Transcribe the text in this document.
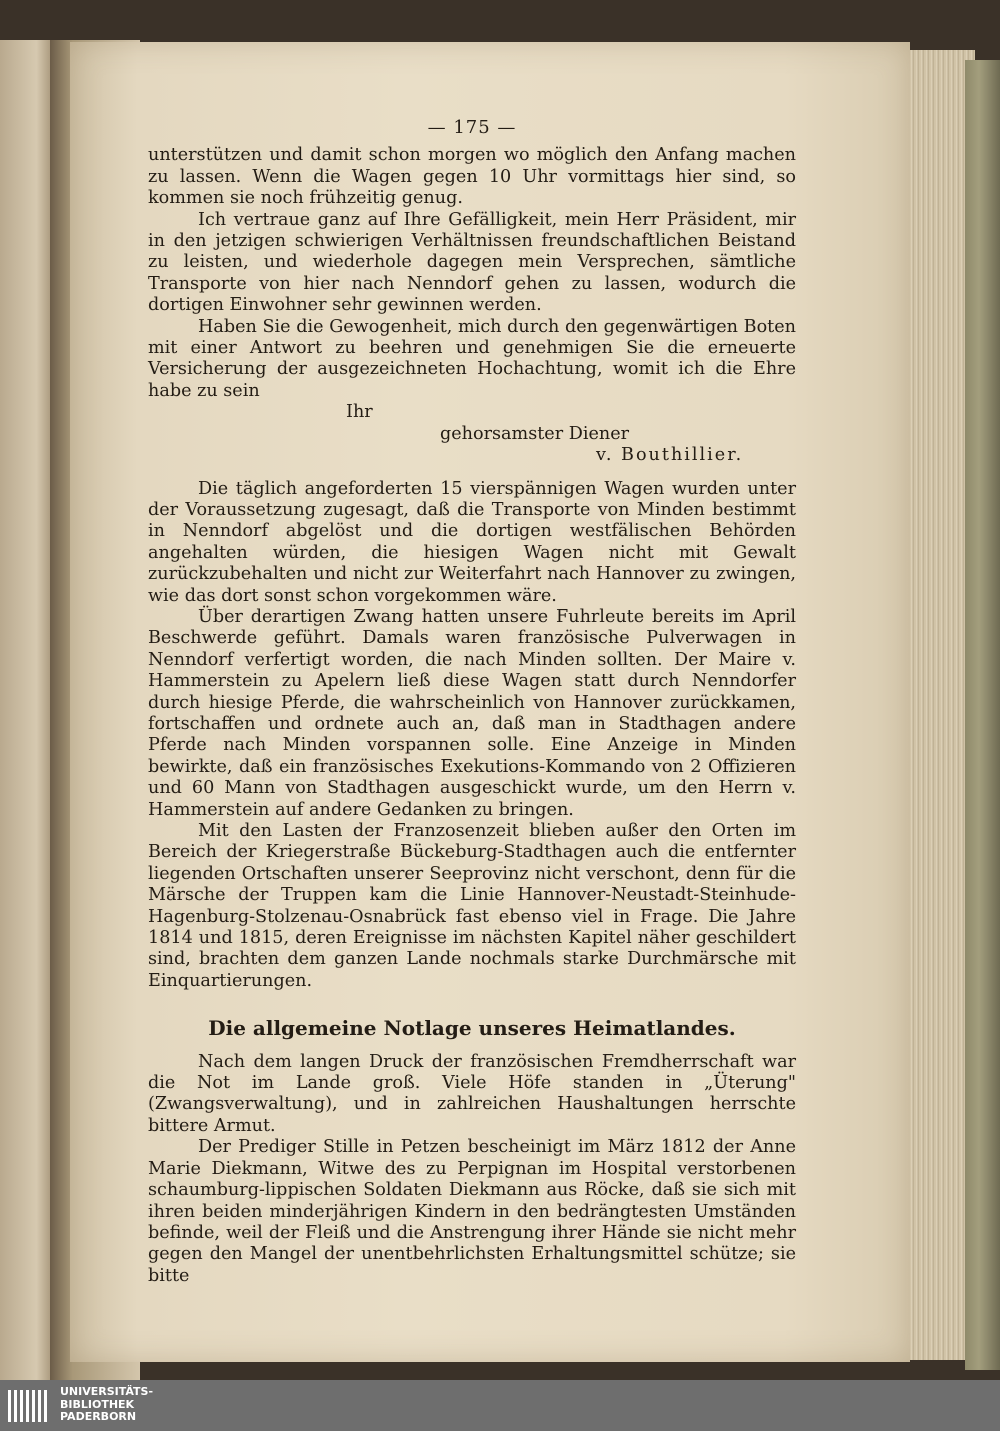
— 175 —

unterstützen und damit schon morgen wo möglich den Anfang machen zu lassen. Wenn die Wagen gegen 10 Uhr vormittags hier sind, so kommen sie noch frühzeitig genug.

Ich vertraue ganz auf Ihre Gefälligkeit, mein Herr Präsident, mir in den jetzigen schwierigen Verhältnissen freundschaftlichen Beistand zu leisten, und wiederhole dagegen mein Versprechen, sämtliche Transporte von hier nach Nenndorf gehen zu lassen, wodurch die dortigen Einwohner sehr gewinnen werden.

Haben Sie die Gewogenheit, mich durch den gegenwärtigen Boten mit einer Antwort zu beehren und genehmigen Sie die erneuerte Versicherung der ausgezeichneten Hochachtung, womit ich die Ehre habe zu sein

Ihr

gehorsamster Diener

v. Bouthillier.

Die täglich angeforderten 15 vierspännigen Wagen wurden unter der Voraussetzung zugesagt, daß die Transporte von Minden bestimmt in Nenndorf abgelöst und die dortigen westfälischen Behörden angehalten würden, die hiesigen Wagen nicht mit Gewalt zurückzubehalten und nicht zur Weiterfahrt nach Hannover zu zwingen, wie das dort sonst schon vorgekommen wäre.

Über derartigen Zwang hatten unsere Fuhrleute bereits im April Beschwerde geführt. Damals waren französische Pulverwagen in Nenndorf verfertigt worden, die nach Minden sollten. Der Maire v. Hammerstein zu Apelern ließ diese Wagen statt durch Nenndorfer durch hiesige Pferde, die wahrscheinlich von Hannover zurückkamen, fortschaffen und ordnete auch an, daß man in Stadthagen andere Pferde nach Minden vorspannen solle. Eine Anzeige in Minden bewirkte, daß ein französisches Exekutions-Kommando von 2 Offizieren und 60 Mann von Stadthagen ausgeschickt wurde, um den Herrn v. Hammerstein auf andere Gedanken zu bringen.

Mit den Lasten der Franzosenzeit blieben außer den Orten im Bereich der Kriegerstraße Bückeburg-Stadthagen auch die entfernter liegenden Ortschaften unserer Seeprovinz nicht verschont, denn für die Märsche der Truppen kam die Linie Hannover-Neustadt-Steinhude-Hagenburg-Stolzenau-Osnabrück fast ebenso viel in Frage. Die Jahre 1814 und 1815, deren Ereignisse im nächsten Kapitel näher geschildert sind, brachten dem ganzen Lande nochmals starke Durchmärsche mit Einquartierungen.

Die allgemeine Notlage unseres Heimatlandes.

Nach dem langen Druck der französischen Fremdherrschaft war die Not im Lande groß. Viele Höfe standen in „Üterung" (Zwangsverwaltung), und in zahlreichen Haushaltungen herrschte bittere Armut.

Der Prediger Stille in Petzen bescheinigt im März 1812 der Anne Marie Diekmann, Witwe des zu Perpignan im Hospital verstorbenen schaumburg-lippischen Soldaten Diekmann aus Röcke, daß sie sich mit ihren beiden minderjährigen Kindern in den bedrängtesten Umständen befinde, weil der Fleiß und die Anstrengung ihrer Hände sie nicht mehr gegen den Mangel der unentbehrlichsten Erhaltungsmittel schütze; sie bitte

UNIVERSITÄTS-
BIBLIOTHEK
PADERBORN
